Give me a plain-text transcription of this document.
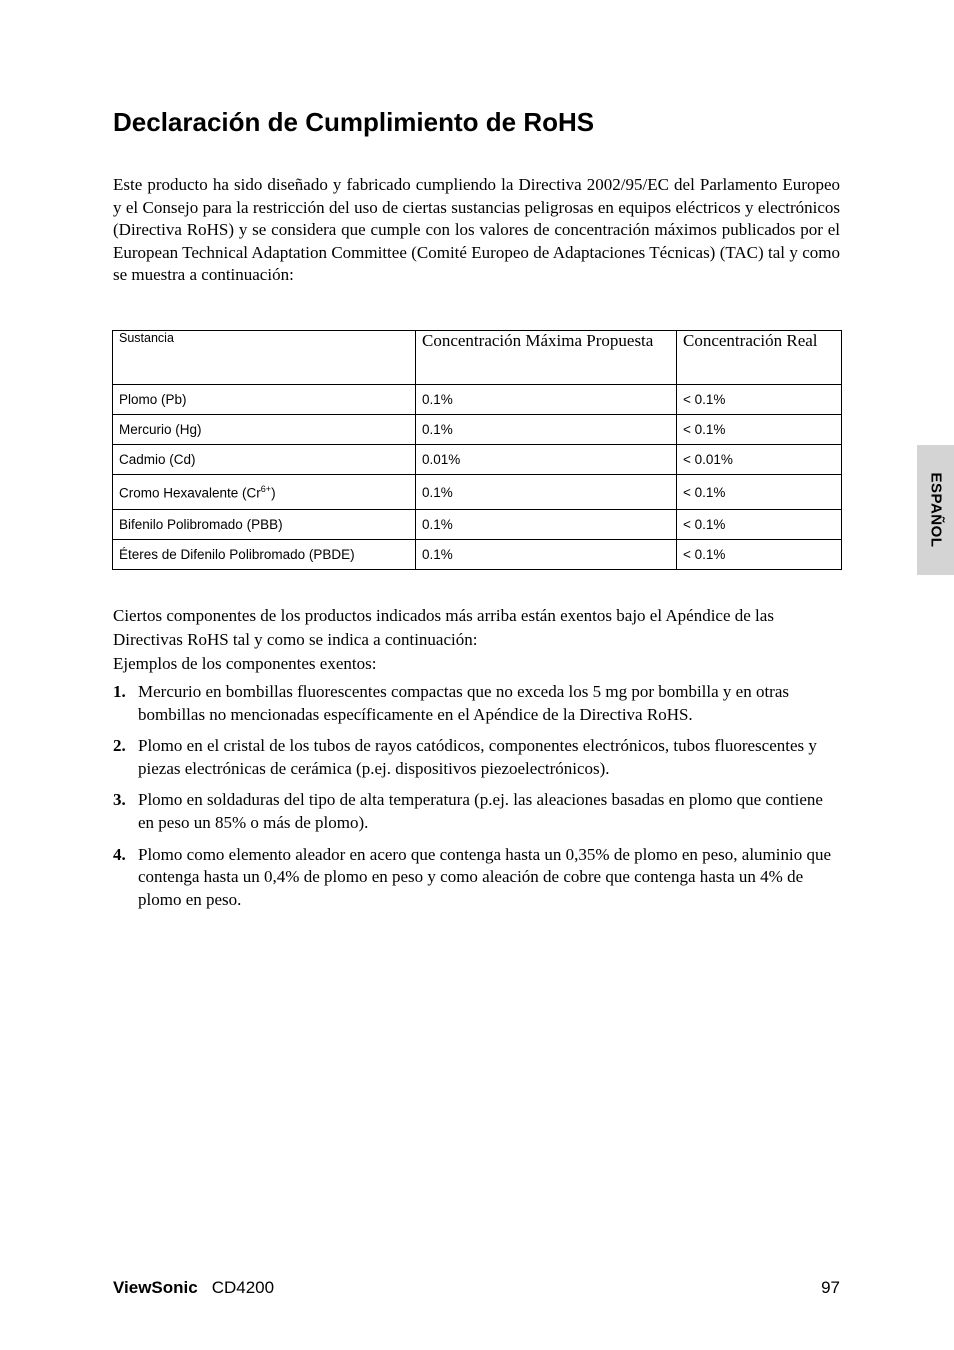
Declaración de Cumplimiento de RoHS

Este producto ha sido diseñado y fabricado cumpliendo la Directiva 2002/95/EC del Parlamento Europeo y el Consejo para la restricción del uso de ciertas sustancias peligrosas en equipos eléctricos y electrónicos (Directiva RoHS) y se considera que cumple con los valores de concentración máximos publicados por el European Technical Adaptation Committee (Comité Europeo de Adaptaciones Técnicas) (TAC) tal y como se muestra a continuación:

Sustancia	Concentración Máxima Propuesta	Concentración Real
Plomo (Pb)	0.1%	< 0.1%
Mercurio (Hg)	0.1%	< 0.1%
Cadmio (Cd)	0.01%	< 0.01%
Cromo Hexavalente $(Cr^{6+})$	0.1%	< 0.1%
Bifenilo Polibromado (PBB)	0.1%	< 0.1%
Éteres de Difenilo Polibromado (PBDE)	0.1%	< 0.1%

Ciertos componentes de los productos indicados más arriba están exentos bajo el Apéndice de las Directivas RoHS tal y como se indica a continuación:

Ejemplos de los componentes exentos:

1. Mercurio en bombillas fluorescentes compactas que no exceda los 5 mg por bombilla y en otras bombillas no mencionadas específicamente en el Apéndice de la Directiva RoHS.
2. Plomo en el cristal de los tubos de rayos catódicos, componentes electrónicos, tubos fluorescentes y piezas electrónicas de cerámica (p.ej. dispositivos piezoelectrónicos).
3. Plomo en soldaduras del tipo de alta temperatura (p.ej. las aleaciones basadas en plomo que contiene en peso un 85% o más de plomo).
4. Plomo como elemento aleador en acero que contenga hasta un 0,35% de plomo en peso, aluminio que contenga hasta un 0,4% de plomo en peso y como aleación de cobre que contenga hasta un 4% de plomo en peso.
ESPAÑOL
ViewSonic CD4200	97
